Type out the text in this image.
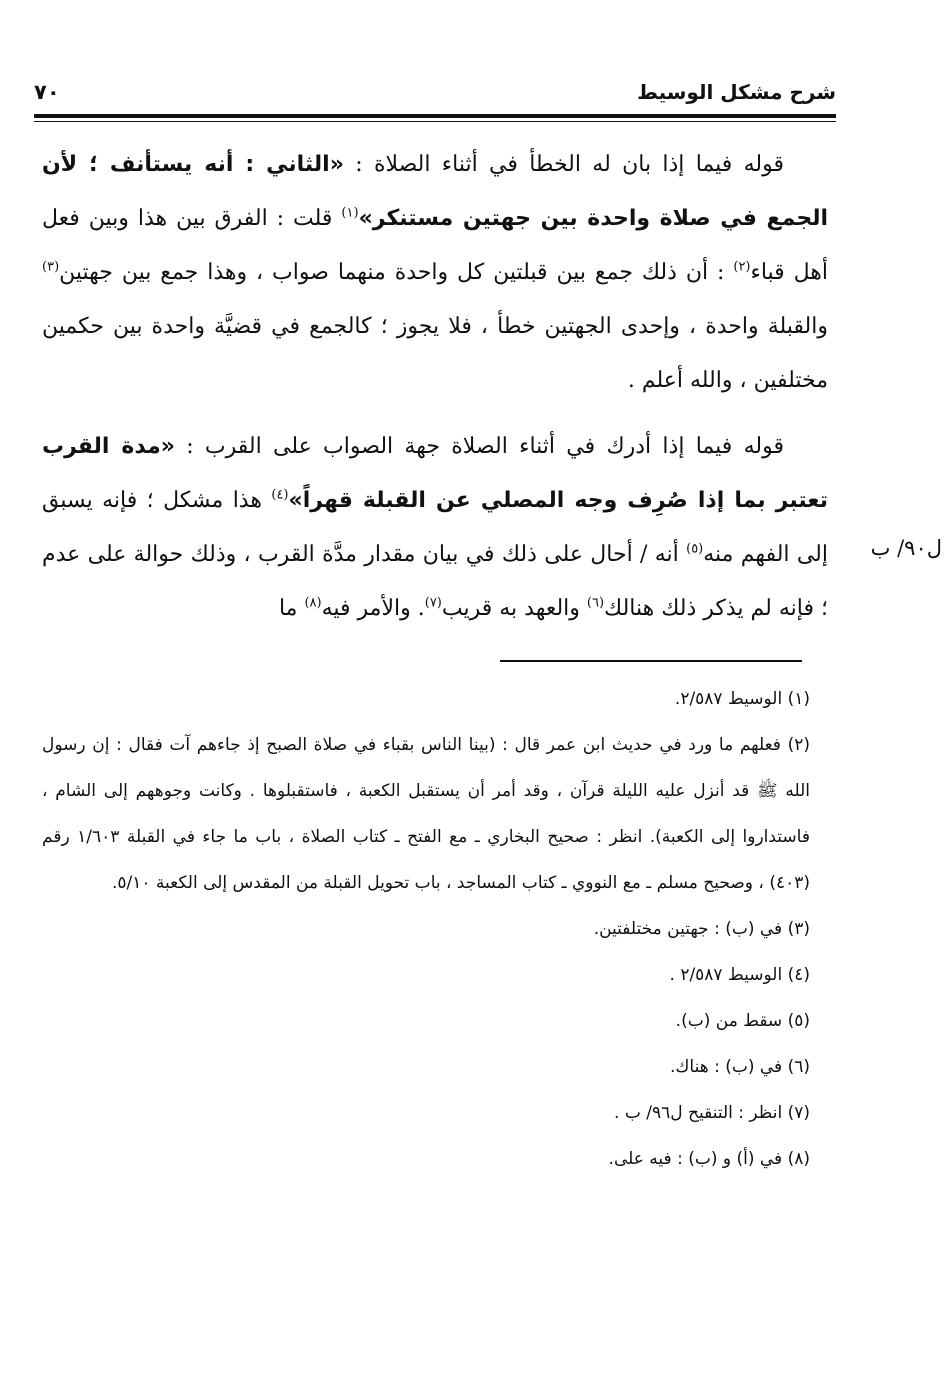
٧٠	شرح مشكل الوسيط

قوله فيما إذا بان له الخطأ في أثناء الصلاة : «الثاني : أنه يستأنف ؛ لأن الجمع في صلاة واحدة بين جهتين مستنكر»$^{(١)}$ قلت : الفرق بين هذا وبين فعل أهل قباء$^{(٢)}$ : أن ذلك جمع بين قبلتين كل واحدة منهما صواب ، وهذا جمع بين جهتين$^{(٣)}$ والقبلة واحدة ، وإحدى الجهتين خطأ ، فلا يجوز ؛ كالجمع في قضيَّة واحدة بين حكمين مختلفين ، والله أعلم .

قوله فيما إذا أدرك في أثناء الصلاة جهة الصواب على القرب : «مدة القرب تعتبر بما إذا صُرِف وجه المصلي عن القبلة قهراً»$^{(٤)}$ هذا مشكل ؛ فإنه يسبق إلى الفهم منه$^{(٥)}$ أنه / أحال على ذلك في بيان مقدار مدَّة القرب ، وذلك حوالة على عدم ؛ فإنه لم يذكر ذلك هنالك$^{(٦)}$ والعهد به قريب$^{(٧)}$. والأمر فيه$^{(٨)}$ ما

ل٩٠/ ب

(١) الوسيط ٢/٥٨٧.

(٢) فعلهم ما ورد في حديث ابن عمر قال : (بينا الناس بقباء في صلاة الصبح إذ جاءهم آت فقال : إن رسول الله ﷺ قد أنزل عليه الليلة قرآن ، وقد أمر أن يستقبل الكعبة ، فاستقبلوها . وكانت وجوههم إلى الشام ، فاستداروا إلى الكعبة). انظر : صحيح البخاري ـ مع الفتح ـ كتاب الصلاة ، باب ما جاء في القبلة ١/٦٠٣ رقم (٤٠٣) ، وصحيح مسلم ـ مع النووي ـ كتاب المساجد ، باب تحويل القبلة من المقدس إلى الكعبة ٥/١٠.

(٣) في (ب) : جهتين مختلفتين.

(٤) الوسيط ٢/٥٨٧ .

(٥) سقط من (ب).

(٦) في (ب) : هناك.

(٧) انظر : التنقيح ل٩٦/ ب .

(٨) في (أ) و (ب) : فيه على.
